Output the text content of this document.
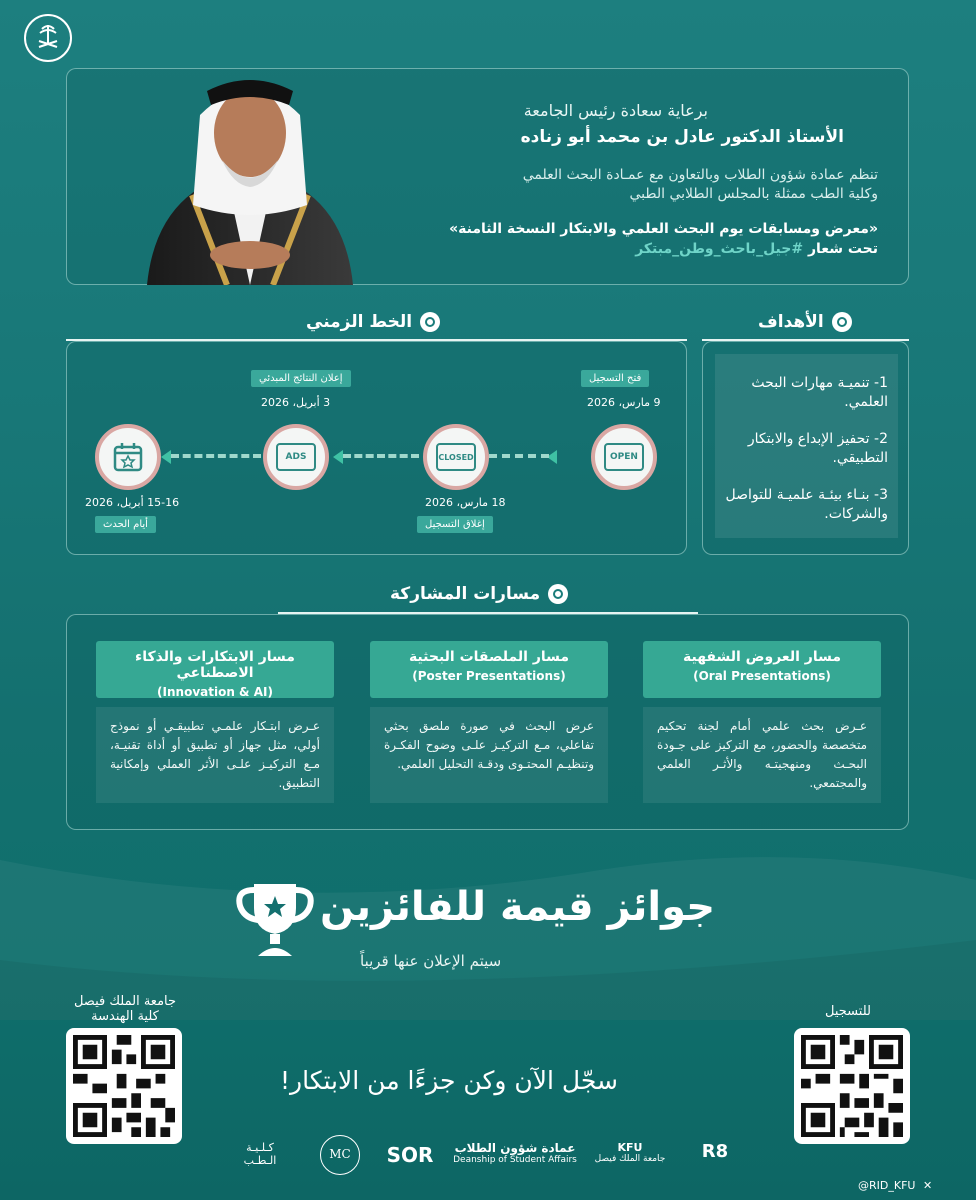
برعاية سعادة رئيس الجامعة
الأستاذ الدكتور عادل بن محمد أبو زناده
تنظم عمادة شؤون الطلاب وبالتعاون مع عمـادة البحث العلمي
وكلية الطب ممثلة بالمجلس الطلابي الطبي
«معرض ومسابقات يوم البحث العلمي والابتكار النسخة الثامنة»
تحت شعار #جيل_باحث_وطن_مبتكر
الأهداف
1- تنميـة مهارات البحث العلمي.
2- تحفيز الإبداع والابتكار التطبيقي.
3- بنـاء بيئـة علميـة للتواصل والشركات.
الخط الزمني
فتح التسجيل
9 مارس، 2026
OPEN
CLOSED
18 مارس، 2026
إغلاق التسجيل
إعلان النتائج المبدئي
3 أبريل، 2026
ADS
15-16 أبريل، 2026
أيام الحدث
مسارات المشاركة
مسار العروض الشفهية
(Oral Presentations)
عـرض بحث علمي أمام لجنة تحكيم متخصصة والحضور، مع التركيز على جـودة البحـث ومنهجيتـه والأثـر العلمي والمجتمعي.
مسار الملصقات البحثية
(Poster Presentations)
عرض البحث في صورة ملصق بحثي تفاعلي، مـع التركيـز علـى وضوح الفكـرة وتنظيـم المحتـوى ودقـة التحليل العلمي.
مسار الابتكارات والذكاء الاصطناعي
(Innovation & AI)
عـرض ابتـكار علمـي تطبيقـي أو نموذج أولي، مثل جهاز أو تطبيق أو أداة تقنيـة، مـع التركيـز علـى الأثر العملي وإمكانية التطبيق.
جوائز قيمة للفائزين
سيتم الإعلان عنها قريباً
سجّل الآن وكن جزءًا من الابتكار!
للتسجيل
جامعة الملك فيصل
كلية الهندسة
كـلـيـة
الـطـب	MC	SOR	عمادة شؤون الطلاب
Deanship of Student Affairs
KFU
جامعة الملك فيصل	R8
@RID_KFU ✕
